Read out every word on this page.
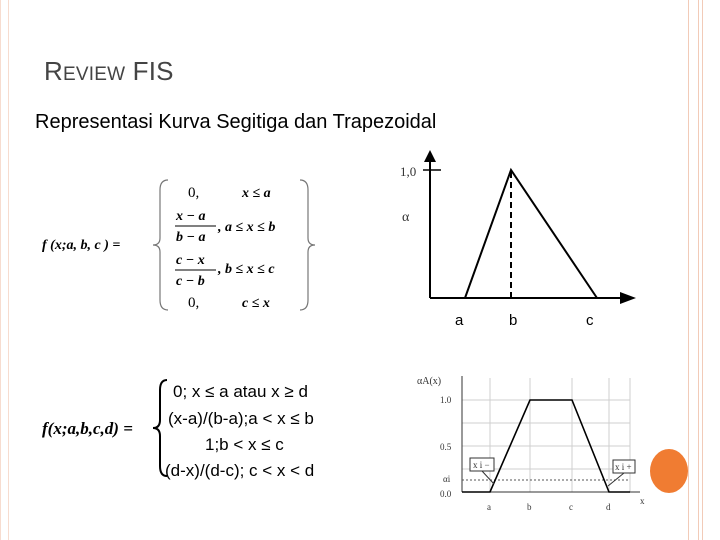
REVIEW FIS
Representasi Kurva Segitiga dan Trapezoidal
f (x;a, b, c ) =
0,	x ≤ a
x − a
b − a
, a ≤ x ≤ b
c − x
c − b
, b ≤ x ≤ c
0,	c ≤ x
1,0
α
a	b	c
f(x;a,b,c,d) =
0; x ≤ a atau x ≥ d
(x-a)/(b-a);a < x ≤ b
1;b < x ≤ c
(d-x)/(d-c); c < x < d
αA(x)
1.0
0.5
αi
0.0
a	b	c	d
x
x i −	x i +
